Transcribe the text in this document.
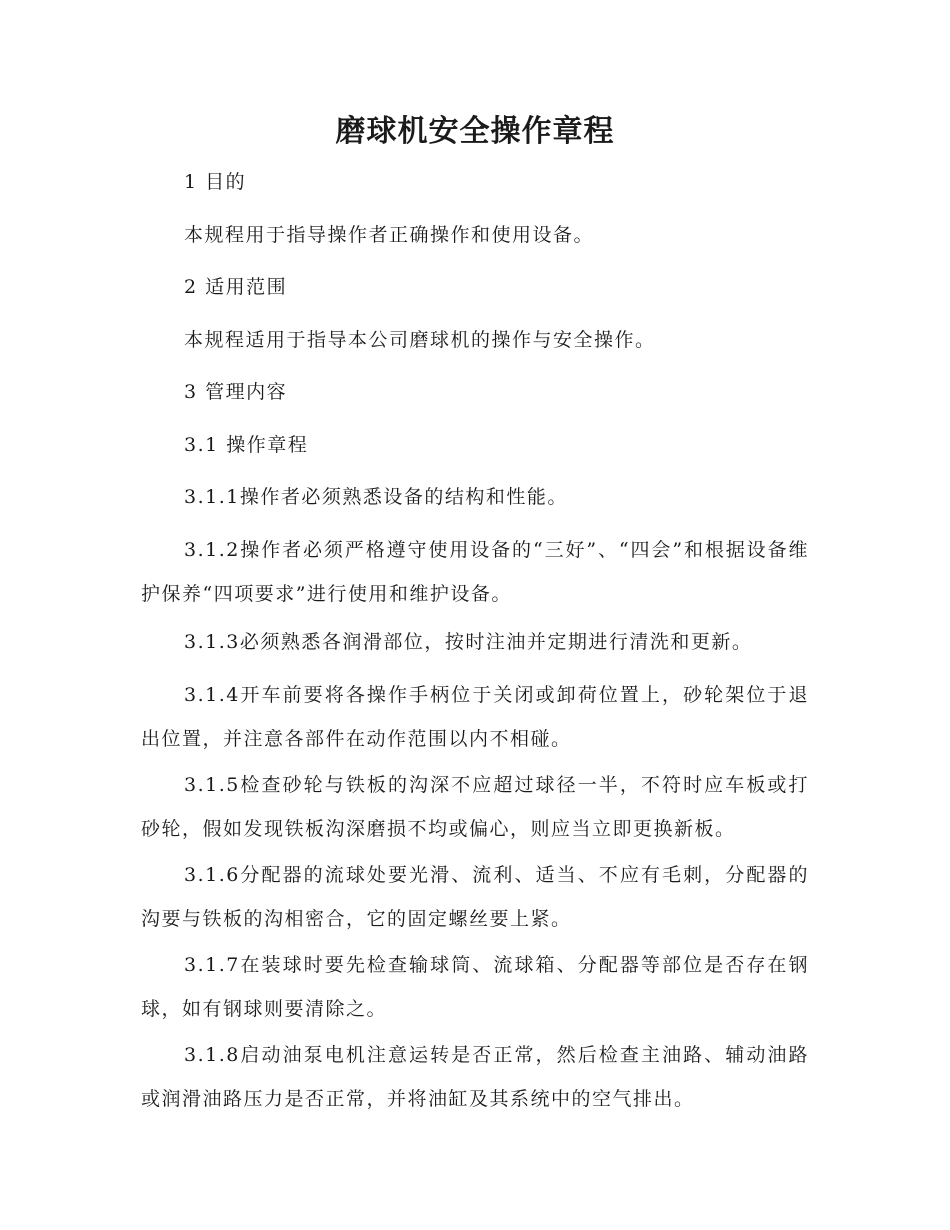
磨球机安全操作章程

1 目的

本规程用于指导操作者正确操作和使用设备。

2 适用范围

本规程适用于指导本公司磨球机的操作与安全操作。

3 管理内容

3.1 操作章程

3.1.1操作者必须熟悉设备的结构和性能。

3.1.2操作者必须严格遵守使用设备的“三好”、“四会”和根据设备维护保养“四项要求”进行使用和维护设备。

3.1.3必须熟悉各润滑部位，按时注油并定期进行清洗和更新。

3.1.4开车前要将各操作手柄位于关闭或卸荷位置上，砂轮架位于退出位置，并注意各部件在动作范围以内不相碰。

3.1.5检查砂轮与铁板的沟深不应超过球径一半，不符时应车板或打砂轮，假如发现铁板沟深磨损不均或偏心，则应当立即更换新板。

3.1.6分配器的流球处要光滑、流利、适当、不应有毛刺，分配器的沟要与铁板的沟相密合，它的固定螺丝要上紧。

3.1.7在装球时要先检查输球筒、流球箱、分配器等部位是否存在钢球，如有钢球则要清除之。

3.1.8启动油泵电机注意运转是否正常，然后检查主油路、辅动油路或润滑油路压力是否正常，并将油缸及其系统中的空气排出。
